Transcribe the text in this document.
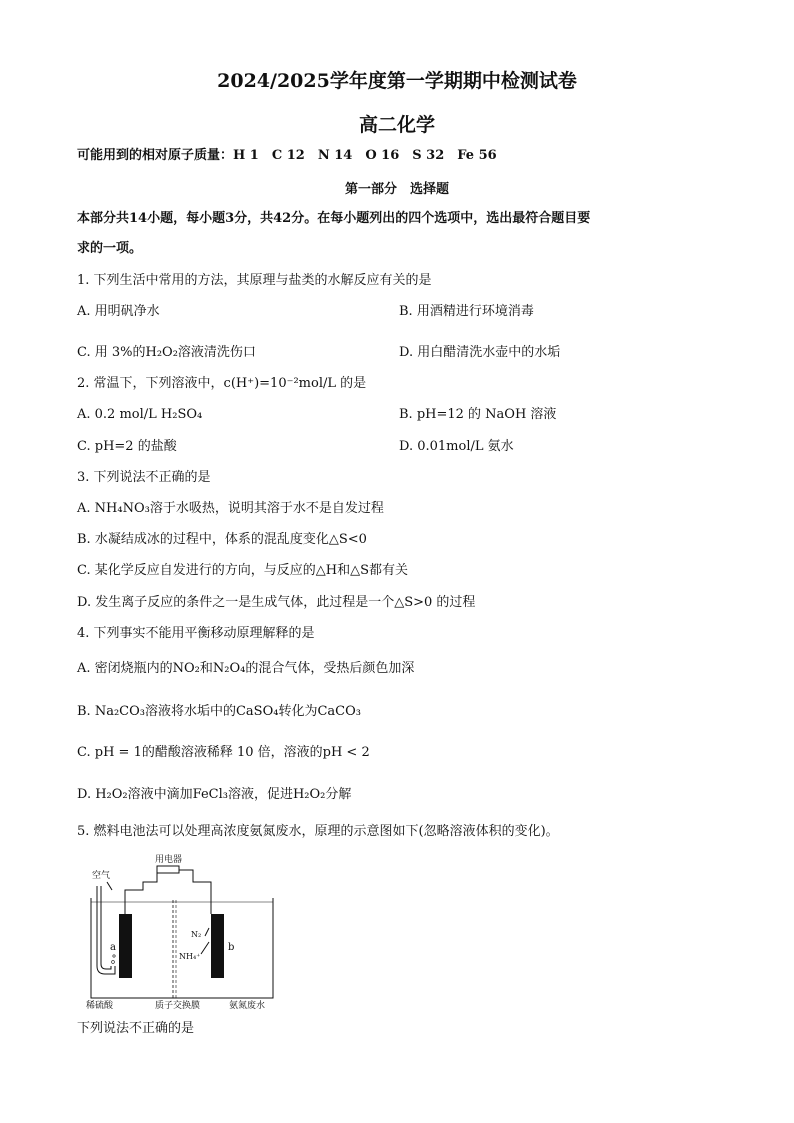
2024/2025学年度第一学期期中检测试卷
高二化学
可能用到的相对原子质量：H 1　C 12　N 14　O 16　S 32　Fe 56
第一部分　选择题
本部分共14小题，每小题3分，共42分。在每小题列出的四个选项中，选出最符合题目要
求的一项。
1. 下列生活中常用的方法，其原理与盐类的水解反应有关的是
A. 用明矾净水	B. 用酒精进行环境消毒
C. 用 3%的H₂O₂溶液清洗伤口	D. 用白醋清洗水壶中的水垢
2. 常温下，下列溶液中，c(H⁺)=10⁻²mol/L 的是
A. 0.2 mol/L H₂SO₄	B. pH=12 的 NaOH 溶液
C. pH=2 的盐酸	D. 0.01mol/L 氨水
3. 下列说法不正确的是
A. NH₄NO₃溶于水吸热，说明其溶于水不是自发过程
B. 水凝结成冰的过程中，体系的混乱度变化△S<0
C. 某化学反应自发进行的方向，与反应的△H和△S都有关
D. 发生离子反应的条件之一是生成气体，此过程是一个△S>0 的过程
4. 下列事实不能用平衡移动原理解释的是
A. 密闭烧瓶内的NO₂和N₂O₄的混合气体，受热后颜色加深
B. Na₂CO₃溶液将水垢中的CaSO₄转化为CaCO₃
C. pH = 1的醋酸溶液稀释 10 倍，溶液的pH < 2
D. H₂O₂溶液中滴加FeCl₃溶液，促进H₂O₂分解
5. 燃料电池法可以处理高浓度氨氮废水，原理的示意图如下(忽略溶液体积的变化)。
用电器
空气
a	b
N₂
NH₄⁺
稀硫酸	质子交换膜	氨氮废水
下列说法不正确的是
